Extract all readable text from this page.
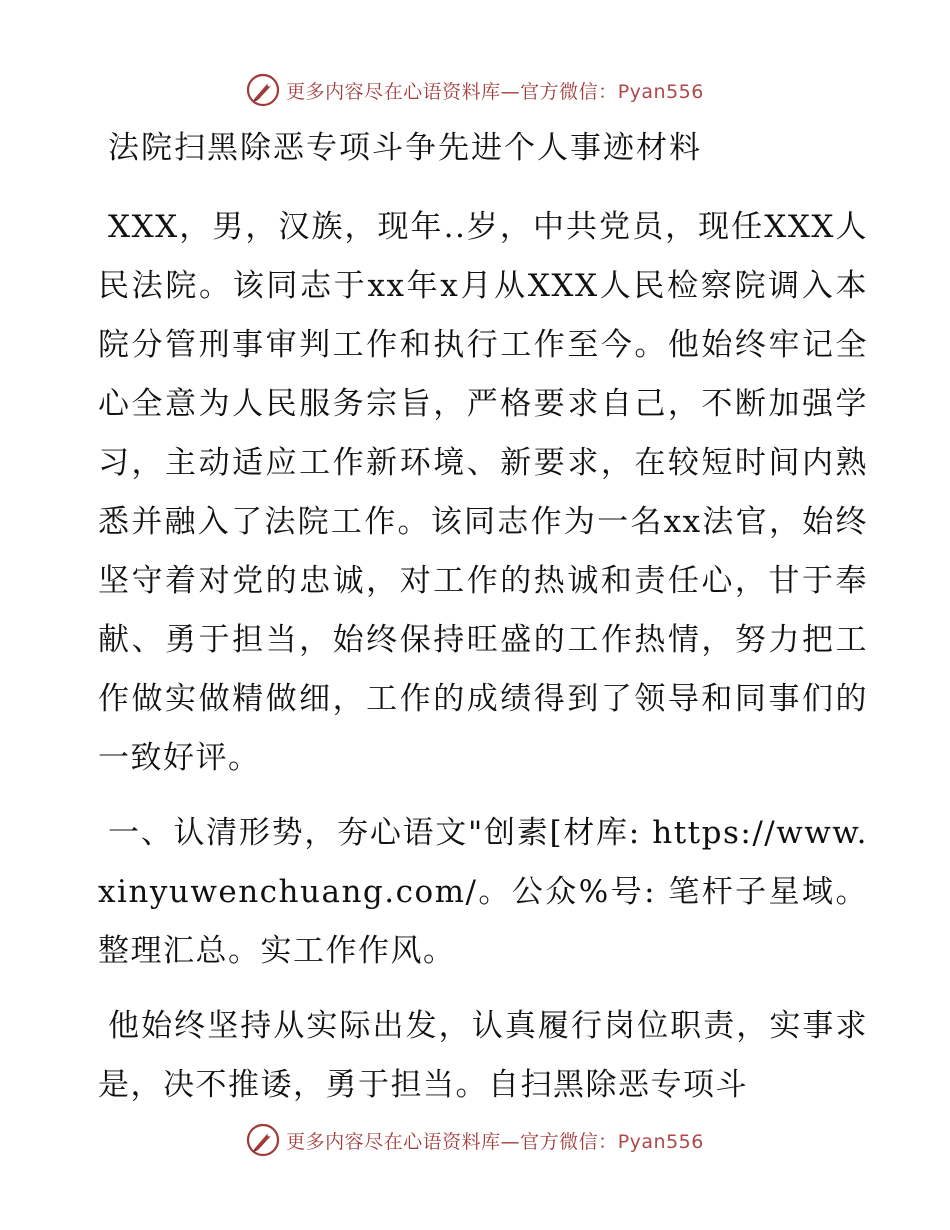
更多内容尽在心语资料库—官方微信：Pyan556
法院扫黑除恶专项斗争先进个人事迹材料

XXX，男，汉族，现年..岁，中共党员，现任XXX人民法院。该同志于xx年x月从XXX人民检察院调入本院分管刑事审判工作和执行工作至今。他始终牢记全心全意为人民服务宗旨，严格要求自己，不断加强学习，主动适应工作新环境、新要求，在较短时间内熟悉并融入了法院工作。该同志作为一名xx法官，始终坚守着对党的忠诚，对工作的热诚和责任心，甘于奉献、勇于担当，始终保持旺盛的工作热情，努力把工作做实做精做细，工作的成绩得到了领导和同事们的一致好评。

一、认清形势，夯心语文"创素[材库: https://www.xinyuwenchuang.com/。公众%号: 笔杆子星域。整理汇总。实工作作风。

他始终坚持从实际出发，认真履行岗位职责，实事求是，决不推诿，勇于担当。自扫黑除恶专项斗

更多内容尽在心语资料库—官方微信：Pyan556
